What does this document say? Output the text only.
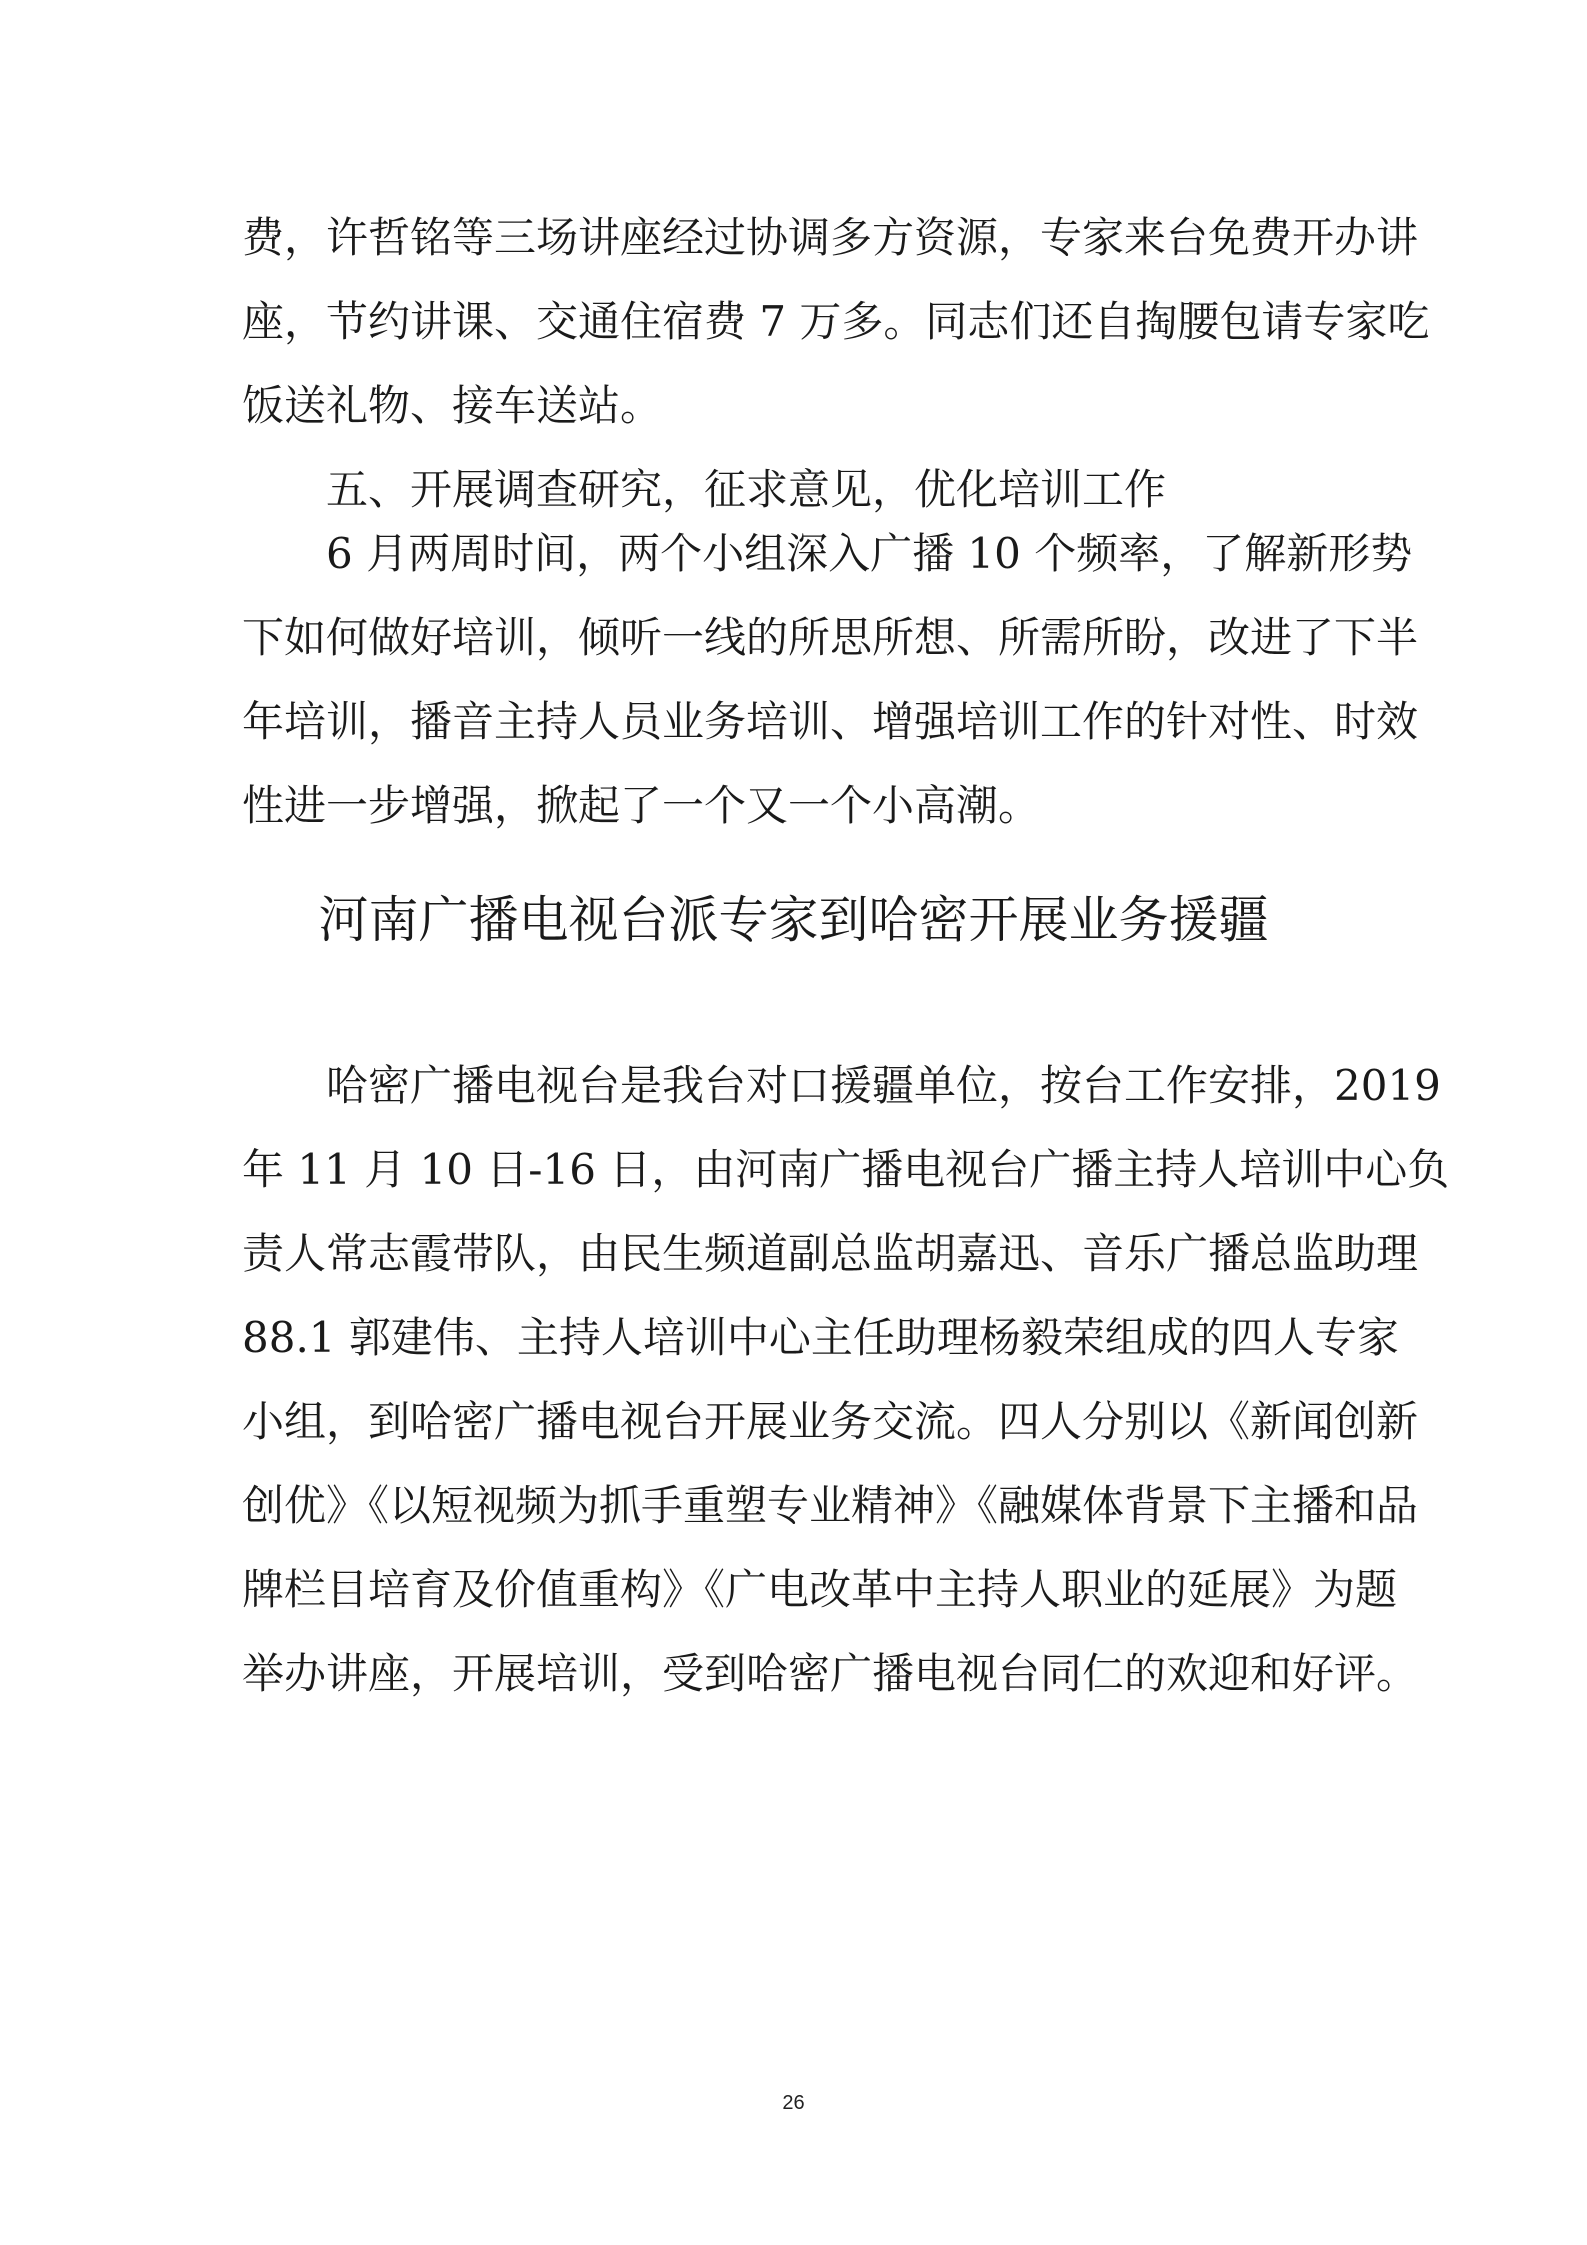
费，许哲铭等三场讲座经过协调多方资源，专家来台免费开办讲
座，节约讲课、交通住宿费 7 万多。同志们还自掏腰包请专家吃
饭送礼物、接车送站。
五、开展调查研究，征求意见，优化培训工作
6 月两周时间，两个小组深入广播 10 个频率，了解新形势
下如何做好培训，倾听一线的所思所想、所需所盼，改进了下半
年培训，播音主持人员业务培训、增强培训工作的针对性、时效
性进一步增强，掀起了一个又一个小高潮。
河南广播电视台派专家到哈密开展业务援疆
哈密广播电视台是我台对口援疆单位，按台工作安排，2019
年 11 月 10 日-16 日，由河南广播电视台广播主持人培训中心负
责人常志霞带队，由民生频道副总监胡嘉迅、音乐广播总监助理
88.1 郭建伟、主持人培训中心主任助理杨毅荣组成的四人专家
小组，到哈密广播电视台开展业务交流。四人分别以《新闻创新
创优》《以短视频为抓手重塑专业精神》《融媒体背景下主播和品
牌栏目培育及价值重构》《广电改革中主持人职业的延展》为题
举办讲座，开展培训，受到哈密广播电视台同仁的欢迎和好评。
26
